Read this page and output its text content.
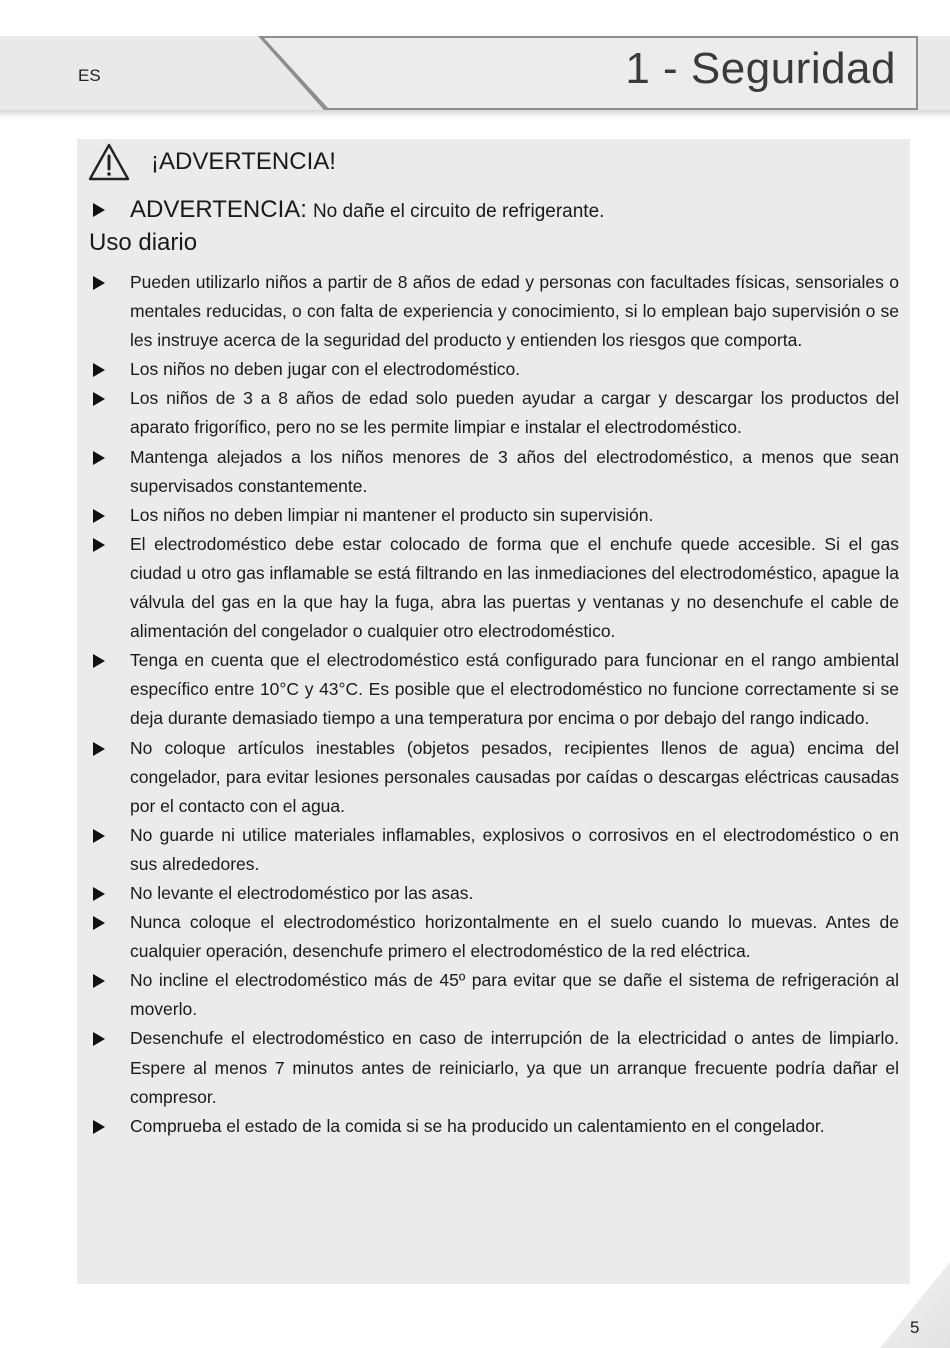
ES	1 - Seguridad
¡ADVERTENCIA!
ADVERTENCIA: No dañe el circuito de refrigerante.
Uso diario
Pueden utilizarlo niños a partir de 8 años de edad y personas con facultades físicas, sensoriales o mentales reducidas, o con falta de experiencia y conocimiento, si lo emplean bajo supervisión o se les instruye acerca de la seguridad del producto y entienden los riesgos que comporta.
Los niños no deben jugar con el electrodoméstico.
Los niños de 3 a 8 años de edad solo pueden ayudar a cargar y descargar los productos del aparato frigorífico, pero no se les permite limpiar e instalar el electrodoméstico.
Mantenga alejados a los niños menores de 3 años del electrodoméstico, a menos que sean supervisados constantemente.
Los niños no deben limpiar ni mantener el producto sin supervisión.
El electrodoméstico debe estar colocado de forma que el enchufe quede accesible. Si el gas ciudad u otro gas inflamable se está filtrando en las inmediaciones del electrodoméstico, apague la válvula del gas en la que hay la fuga, abra las puertas y ventanas y no desenchufe el cable de alimentación del congelador o cualquier otro electrodoméstico.
Tenga en cuenta que el electrodoméstico está configurado para funcionar en el rango ambiental específico entre 10°C y 43°C. Es posible que el electrodoméstico no funcione correctamente si se deja durante demasiado tiempo a una temperatura por encima o por debajo del rango indicado.
No coloque artículos inestables (objetos pesados, recipientes llenos de agua) encima del congelador, para evitar lesiones personales causadas por caídas o descargas eléctricas causadas por el contacto con el agua.
No guarde ni utilice materiales inflamables, explosivos o corrosivos en el electrodoméstico o en sus alrededores.
No levante el electrodoméstico por las asas.
Nunca coloque el electrodoméstico horizontalmente en el suelo cuando lo muevas. Antes de cualquier operación, desenchufe primero el electrodoméstico de la red eléctrica.
No incline el electrodoméstico más de 45º para evitar que se dañe el sistema de refrigeración al moverlo.
Desenchufe el electrodoméstico en caso de interrupción de la electricidad o antes de limpiarlo. Espere al menos 7 minutos antes de reiniciarlo, ya que un arranque frecuente podría dañar el compresor.
Comprueba el estado de la comida si se ha producido un calentamiento en el congelador.
5
